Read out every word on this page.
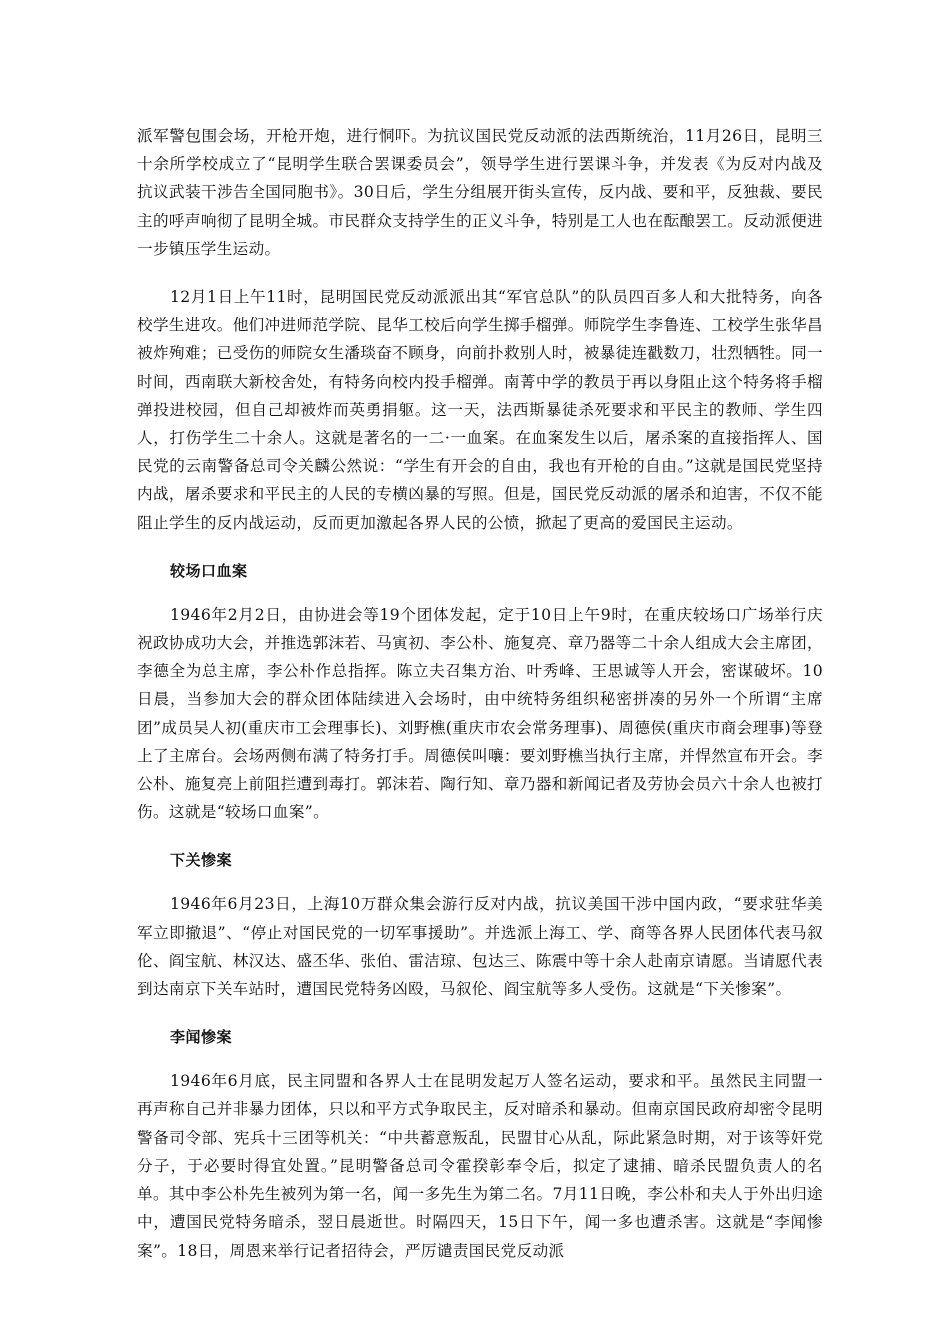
派军警包围会场，开枪开炮，进行恫吓。为抗议国民党反动派的法西斯统治，11月26日，昆明三十余所学校成立了“昆明学生联合罢课委员会”，领导学生进行罢课斗争，并发表《为反对内战及抗议武装干涉告全国同胞书》。30日后，学生分组展开街头宣传，反内战、要和平，反独裁、要民主的呼声响彻了昆明全城。市民群众支持学生的正义斗争，特别是工人也在酝酿罢工。反动派便进一步镇压学生运动。

12月1日上午11时，昆明国民党反动派派出其“军官总队”的队员四百多人和大批特务，向各校学生进攻。他们冲进师范学院、昆华工校后向学生掷手榴弹。师院学生李鲁连、工校学生张华昌被炸殉难；已受伤的师院女生潘琰奋不顾身，向前扑救别人时，被暴徒连戳数刀，壮烈牺牲。同一时间，西南联大新校舍处，有特务向校内投手榴弹。南菁中学的教员于再以身阻止这个特务将手榴弹投进校园，但自己却被炸而英勇捐躯。这一天，法西斯暴徒杀死要求和平民主的教师、学生四人，打伤学生二十余人。这就是著名的一二·一血案。在血案发生以后，屠杀案的直接指挥人、国民党的云南警备总司令关麟公然说：“学生有开会的自由，我也有开枪的自由。”这就是国民党坚持内战，屠杀要求和平民主的人民的专横凶暴的写照。但是，国民党反动派的屠杀和迫害，不仅不能阻止学生的反内战运动，反而更加激起各界人民的公愤，掀起了更高的爱国民主运动。

较场口血案

1946年2月2日，由协进会等19个团体发起，定于10日上午9时，在重庆较场口广场举行庆祝政协成功大会，并推选郭沫若、马寅初、李公朴、施复亮、章乃器等二十余人组成大会主席团，李德全为总主席，李公朴作总指挥。陈立夫召集方治、叶秀峰、王思诚等人开会，密谋破坏。10日晨，当参加大会的群众团体陆续进入会场时，由中统特务组织秘密拼凑的另外一个所谓“主席团”成员吴人初(重庆市工会理事长)、刘野樵(重庆市农会常务理事)、周德侯(重庆市商会理事)等登上了主席台。会场两侧布满了特务打手。周德侯叫嚷：要刘野樵当执行主席，并悍然宣布开会。李公朴、施复亮上前阻拦遭到毒打。郭沫若、陶行知、章乃器和新闻记者及劳协会员六十余人也被打伤。这就是“较场口血案”。

下关惨案

1946年6月23日，上海10万群众集会游行反对内战，抗议美国干涉中国内政，“要求驻华美军立即撤退”、“停止对国民党的一切军事援助”。并选派上海工、学、商等各界人民团体代表马叙伦、阎宝航、林汉达、盛丕华、张伯、雷洁琼、包达三、陈震中等十余人赴南京请愿。当请愿代表到达南京下关车站时，遭国民党特务凶殴，马叙伦、阎宝航等多人受伤。这就是“下关惨案”。

李闻惨案

1946年6月底，民主同盟和各界人士在昆明发起万人签名运动，要求和平。虽然民主同盟一再声称自己并非暴力团体，只以和平方式争取民主，反对暗杀和暴动。但南京国民政府却密令昆明警备司令部、宪兵十三团等机关：“中共蓄意叛乱，民盟甘心从乱，际此紧急时期，对于该等奸党分子，于必要时得宜处置。”昆明警备总司令霍揆彰奉令后，拟定了逮捕、暗杀民盟负责人的名单。其中李公朴先生被列为第一名，闻一多先生为第二名。7月11日晚，李公朴和夫人于外出归途中，遭国民党特务暗杀，翌日晨逝世。时隔四天，15日下午，闻一多也遭杀害。这就是“李闻惨案”。18日，周恩来举行记者招待会，严厉谴责国民党反动派
